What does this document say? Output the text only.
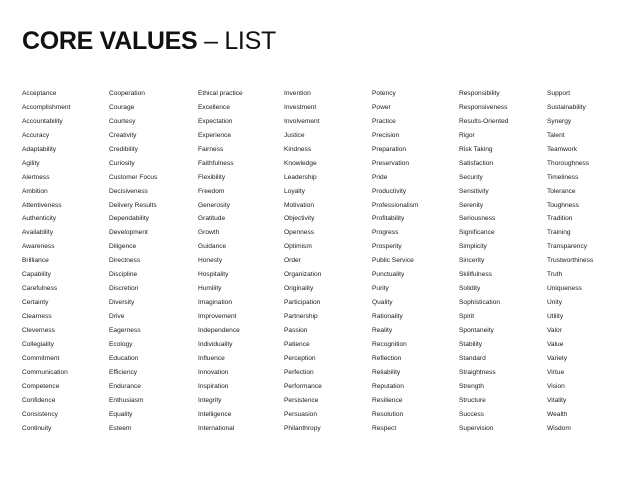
CORE VALUES – LIST
Acceptance	Cooperation	Ethical practice	Invention	Potency	Responsibility	Support
Accomplishment	Courage	Excellence	Investment	Power	Responsiveness	Sustainability
Accountability	Courtesy	Expectation	Involvement	Practice	Results-Oriented	Synergy
Accuracy	Creativity	Experience	Justice	Precision	Rigor	Talent
Adaptability	Credibility	Fairness	Kindness	Preparation	Risk Taking	Teamwork
Agility	Curiosity	Faithfulness	Knowledge	Preservation	Satisfaction	Thoroughness
Alertness	Customer Focus	Flexibility	Leadership	Pride	Security	Timeliness
Ambition	Decisiveness	Freedom	Loyalty	Productivity	Sensitivity	Tolerance
Attentiveness	Delivery Results	Generosity	Motivation	Professionalism	Serenity	Toughness
Authenticity	Dependability	Gratitude	Objectivity	Profitability	Seriousness	Tradition
Availability	Development	Growth	Openness	Progress	Significance	Training
Awareness	Diligence	Guidance	Optimism	Prosperity	Simplicity	Transparency
Brilliance	Directness	Honesty	Order	Public Service	Sincerity	Trustworthiness
Capability	Discipline	Hospitality	Organization	Punctuality	Skillfulness	Truth
Carefulness	Discretion	Humility	Originality	Purity	Solidity	Uniqueness
Certainty	Diversity	Imagination	Participation	Quality	Sophistication	Unity
Clearness	Drive	Improvement	Partnership	Rationality	Spirit	Utility
Cleverness	Eagerness	Independence	Passion	Reality	Spontaneity	Valor
Collegiality	Ecology	Individuality	Patience	Recognition	Stability	Value
Commitment	Education	Influence	Perception	Reflection	Standard	Variety
Communication	Efficiency	Innovation	Perfection	Reliability	Straightness	Virtue
Competence	Endurance	Inspiration	Performance	Reputation	Strength	Vision
Confidence	Enthusiasm	Integrity	Persistence	Resilience	Structure	Vitality
Consistency	Equality	Intelligence	Persuasion	Resolution	Success	Wealth
Continuity	Esteem	International	Philanthropy	Respect	Supervision	Wisdom
